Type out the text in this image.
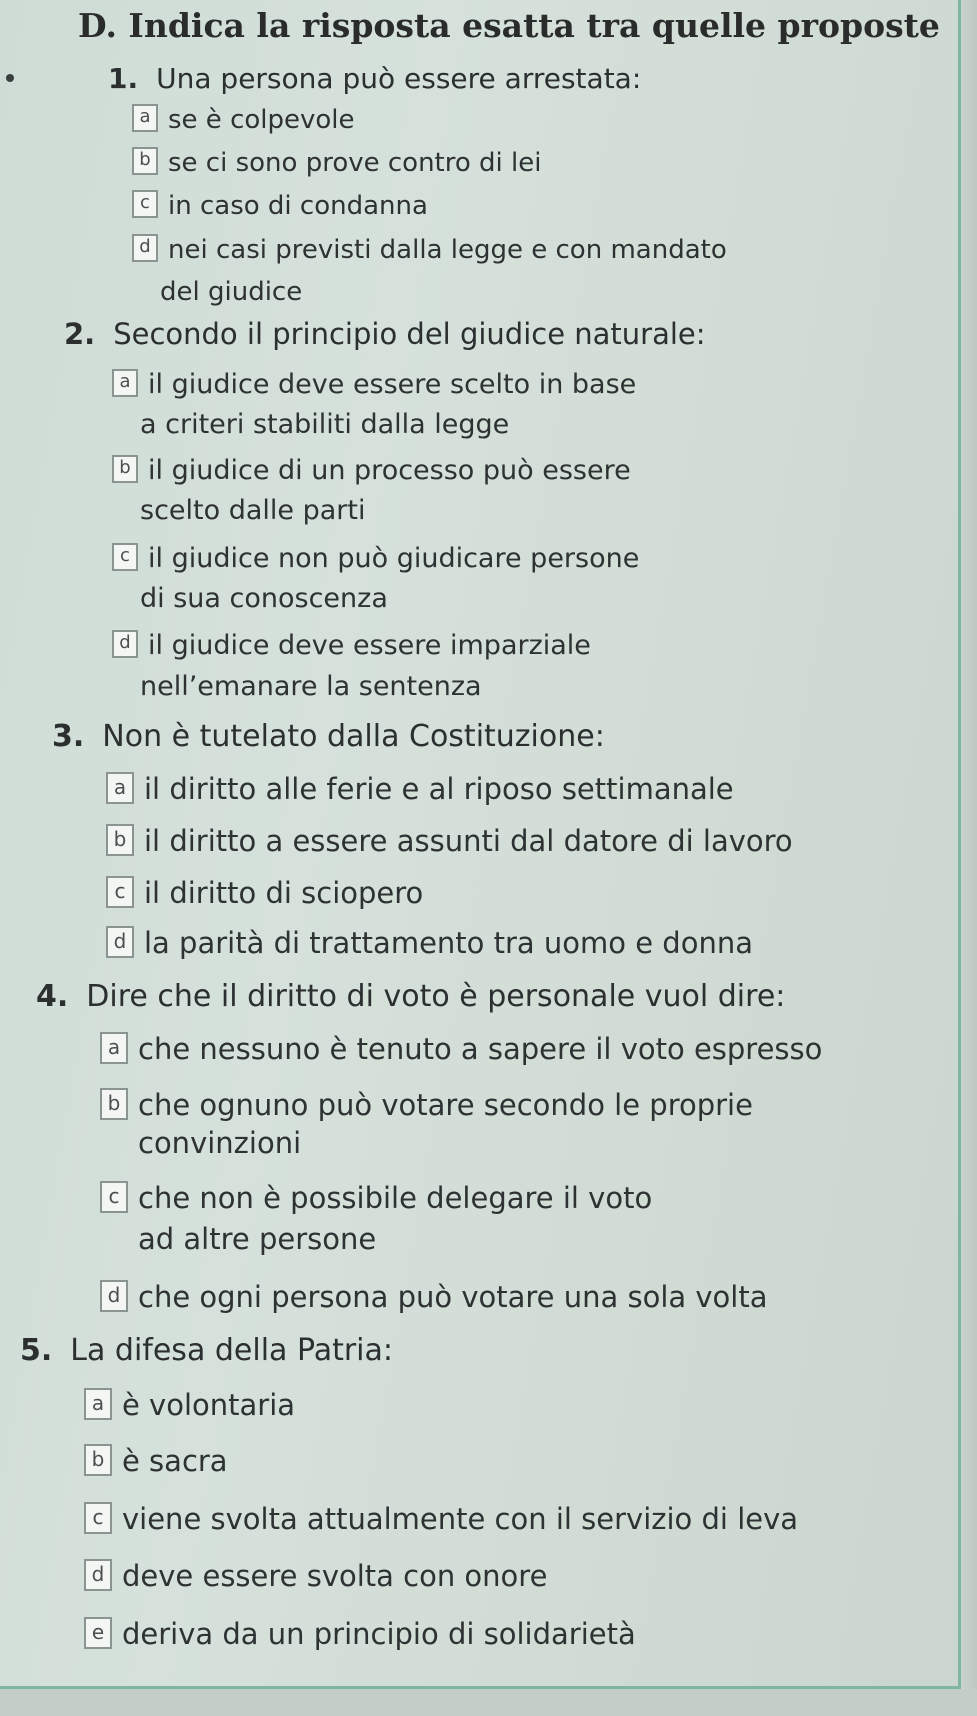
D. Indica la risposta esatta tra quelle proposte
1. Una persona può essere arrestata:
a se è colpevole
b se ci sono prove contro di lei
c in caso di condanna
d nei casi previsti dalla legge e con mandato
del giudice
2. Secondo il principio del giudice naturale:
a il giudice deve essere scelto in base
a criteri stabiliti dalla legge
b il giudice di un processo può essere
scelto dalle parti
c il giudice non può giudicare persone
di sua conoscenza
d il giudice deve essere imparziale
nell’emanare la sentenza
3. Non è tutelato dalla Costituzione:
a il diritto alle ferie e al riposo settimanale
b il diritto a essere assunti dal datore di lavoro
c il diritto di sciopero
d la parità di trattamento tra uomo e donna
4. Dire che il diritto di voto è personale vuol dire:
a che nessuno è tenuto a sapere il voto espresso
b che ognuno può votare secondo le proprie
convinzioni
c che non è possibile delegare il voto
ad altre persone
d che ogni persona può votare una sola volta
5. La difesa della Patria:
a è volontaria
b è sacra
c viene svolta attualmente con il servizio di leva
d deve essere svolta con onore
e deriva da un principio di solidarietà
